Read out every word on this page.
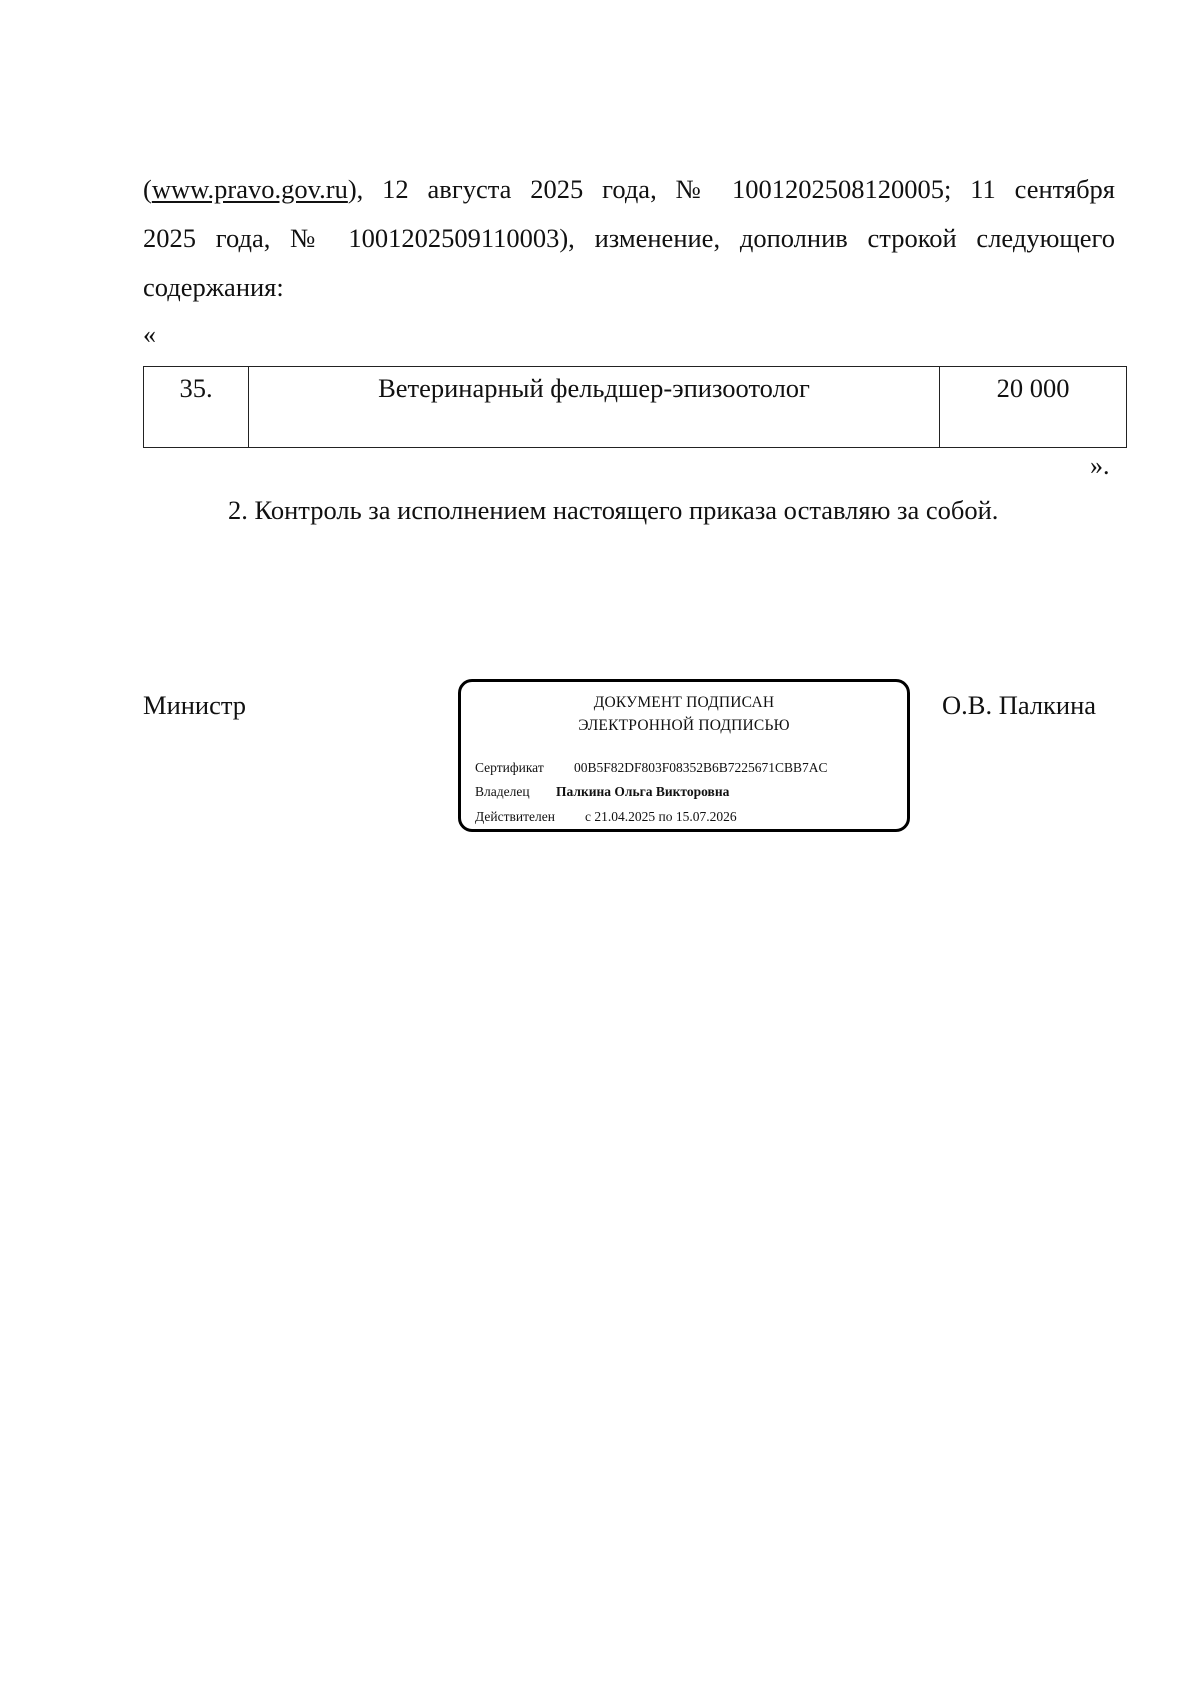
(www.pravo.gov.ru), 12 августа 2025 года, № 1001202508120005; 11 сентября
2025 года, № 1001202509110003), изменение, дополнив строкой следующего
содержания:
«
35.	Ветеринарный фельдшер-эпизоотолог	20 000
».
2. Контроль за исполнением настоящего приказа оставляю за собой.
Министр	ДОКУМЕНТ ПОДПИСАН
ЭЛЕКТРОННОЙ ПОДПИСЬЮ
Сертификат 00B5F82DF803F08352B6B7225671CBB7AC
Владелец Палкина Ольга Викторовна
Действителен с 21.04.2025 по 15.07.2026
О.В. Палкина
